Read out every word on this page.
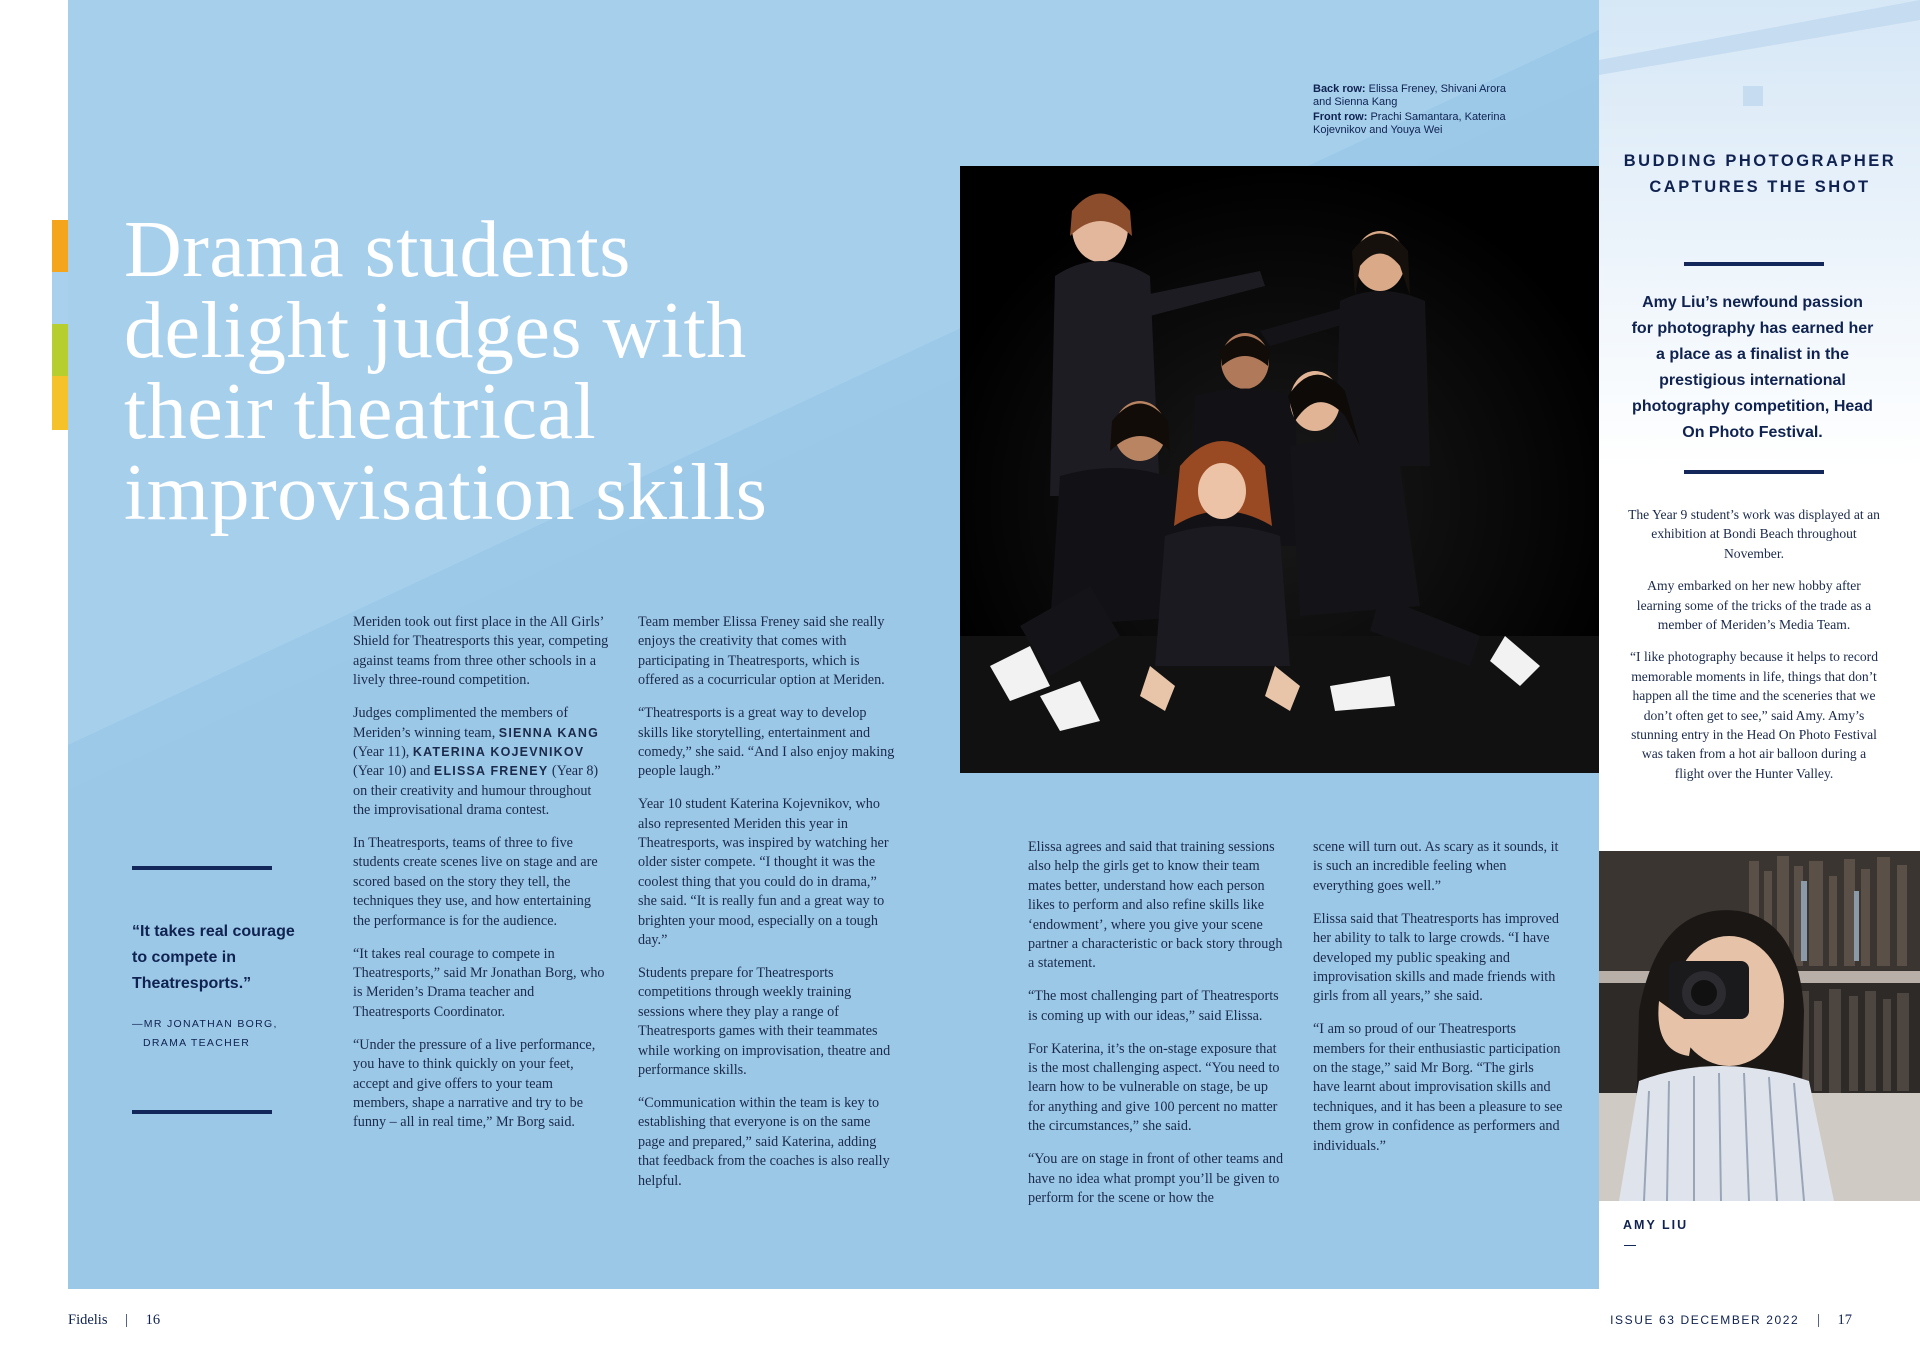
Drama students delight judges with their theatrical improvisation skills
Back row: Elissa Freney, Shivani Arora and Sienna Kang
Front row: Prachi Samantara, Katerina Kojevnikov and Youya Wei

Meriden took out first place in the All Girls’ Shield for Theatresports this year, competing against teams from three other schools in a lively three-round competition.

Judges complimented the members of Meriden’s winning team, SIENNA KANG (Year 11), KATERINA KOJEVNIKOV (Year 10) and ELISSA FRENEY (Year 8) on their creativity and humour throughout the improvisational drama contest.

In Theatresports, teams of three to five students create scenes live on stage and are scored based on the story they tell, the techniques they use, and how entertaining the performance is for the audience.

“It takes real courage to compete in Theatresports,” said Mr Jonathan Borg, who is Meriden’s Drama teacher and Theatresports Coordinator.

“Under the pressure of a live performance, you have to think quickly on your feet, accept and give offers to your team members, shape a narrative and try to be funny – all in real time,” Mr Borg said.

Team member Elissa Freney said she really enjoys the creativity that comes with participating in Theatresports, which is offered as a cocurricular option at Meriden.

“Theatresports is a great way to develop skills like storytelling, entertainment and comedy,” she said. “And I also enjoy making people laugh.”

Year 10 student Katerina Kojevnikov, who also represented Meriden this year in Theatresports, was inspired by watching her older sister compete. “I thought it was the coolest thing that you could do in drama,” she said. “It is really fun and a great way to brighten your mood, especially on a tough day.”

Students prepare for Theatresports competitions through weekly training sessions where they play a range of Theatresports games with their teammates while working on improvisation, theatre and performance skills.

“Communication within the team is key to establishing that everyone is on the same page and prepared,” said Katerina, adding that feedback from the coaches is also really helpful.

Elissa agrees and said that training sessions also help the girls get to know their team mates better, understand how each person likes to perform and also refine skills like ‘endowment’, where you give your scene partner a characteristic or back story through a statement.

“The most challenging part of Theatresports is coming up with our ideas,” said Elissa.

For Katerina, it’s the on-stage exposure that is the most challenging aspect. “You need to learn how to be vulnerable on stage, be up for anything and give 100 percent no matter the circumstances,” she said.

“You are on stage in front of other teams and have no idea what prompt you’ll be given to perform for the scene or how the

scene will turn out. As scary as it sounds, it is such an incredible feeling when everything goes well.”

Elissa said that Theatresports has improved her ability to talk to large crowds. “I have developed my public speaking and improvisation skills and made friends with girls from all years,” she said.

“I am so proud of our Theatresports members for their enthusiastic participation on the stage,” said Mr Borg. “The girls have learnt about improvisation skills and techniques, and it has been a pleasure to see them grow in confidence as performers and individuals.”

“It takes real courage to compete in Theatresports.”
—MR JONATHAN BORG,
DRAMA TEACHER
BUDDING PHOTOGRAPHER CAPTURES THE SHOT
Amy Liu’s newfound passion for photography has earned her a place as a finalist in the prestigious international photography competition, Head On Photo Festival.

The Year 9 student’s work was displayed at an exhibition at Bondi Beach throughout November.

Amy embarked on her new hobby after learning some of the tricks of the trade as a member of Meriden’s Media Team.

“I like photography because it helps to record memorable moments in life, things that don’t happen all the time and the sceneries that we don’t often get to see,” said Amy. Amy’s stunning entry in the Head On Photo Festival was taken from a hot air balloon during a flight over the Hunter Valley.

AMY LIU
Fidelis | 16	ISSUE 63 DECEMBER 2022 | 17
